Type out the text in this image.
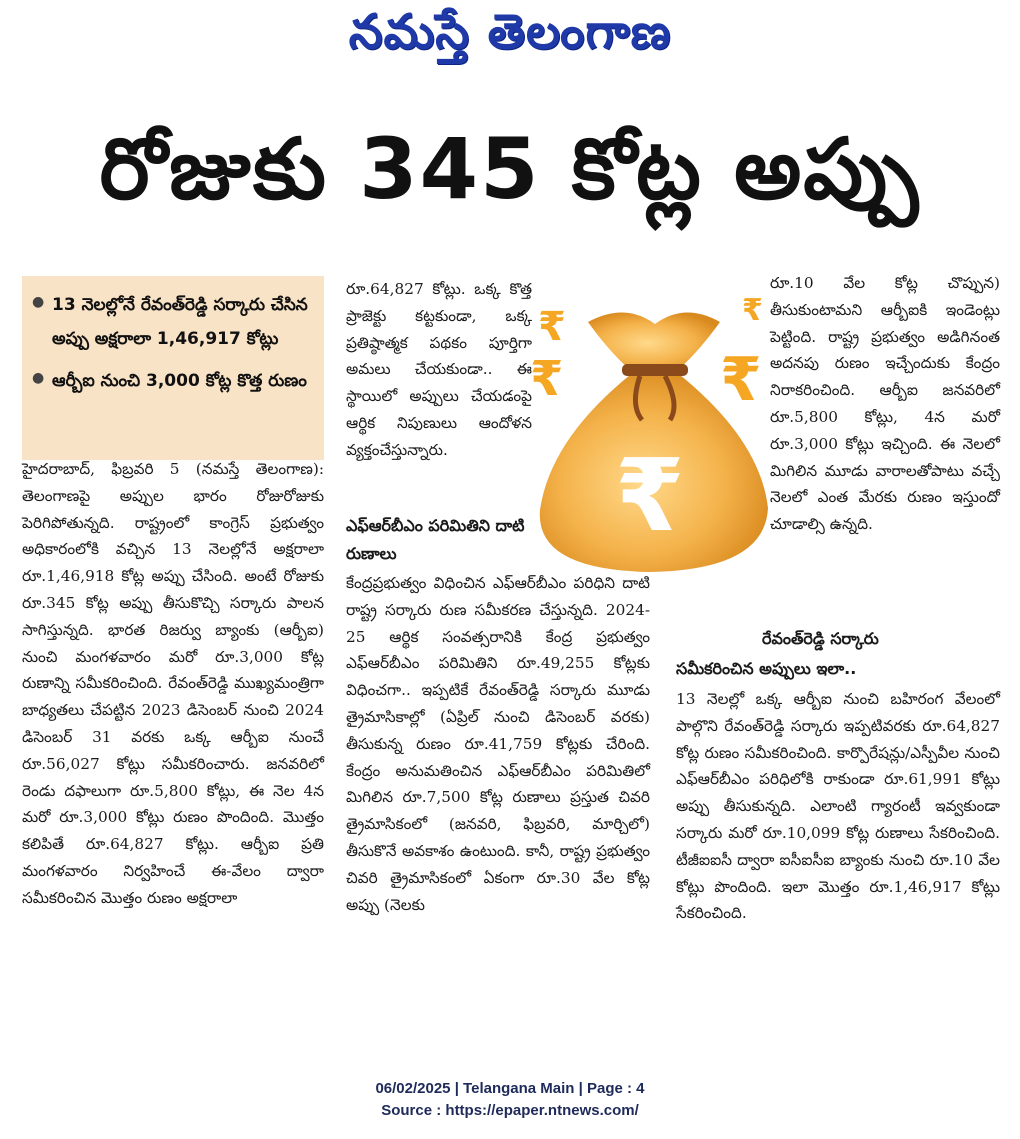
నమస్తే తెలంగాణ
రోజుకు 345 కోట్ల అప్పు
● 13 నెలల్లోనే రేవంత్‌రెడ్డి సర్కారు చేసిన అప్పు అక్షరాలా 1,46,917 కోట్లు
● ఆర్బీఐ నుంచి 3,000 కోట్ల కొత్త రుణం

హైదరాబాద్, ఫిబ్రవరి 5 (నమస్తే తెలంగాణ): తెలంగాణపై అప్పుల భారం రోజురోజుకు పెరిగిపోతున్నది. రాష్ట్రంలో కాంగ్రెస్ ప్రభుత్వం అధికారంలోకి వచ్చిన 13 నెలల్లోనే అక్షరాలా రూ.1,46,918 కోట్ల అప్పు చేసింది. అంటే రోజుకు రూ.345 కోట్ల అప్పు తీసుకొచ్చి సర్కారు పాలన సాగిస్తున్నది. భారత రిజర్వు బ్యాంకు (ఆర్బీఐ) నుంచి మంగళవారం మరో రూ.3,000 కోట్ల రుణాన్ని సమీకరించింది. రేవంత్‌రెడ్డి ముఖ్యమంత్రిగా బాధ్యతలు చేపట్టిన 2023 డిసెంబర్ నుంచి 2024 డిసెంబర్ 31 వరకు ఒక్క ఆర్బీఐ నుంచే రూ.56,027 కోట్లు సమీకరించారు. జనవరిలో రెండు దఫాలుగా రూ.5,800 కోట్లు, ఈ నెల 4న మరో రూ.3,000 కోట్లు రుణం పొందింది. మొత్తం కలిపితే రూ.64,827 కోట్లు. ఆర్బీఐ ప్రతి మంగళవారం నిర్వహించే ఈ-వేలం ద్వారా సమీకరించిన మొత్తం రుణం అక్షరాలా

రూ.64,827 కోట్లు. ఒక్క కొత్త ప్రాజెక్టు కట్టకుండా, ఒక్క ప్రతిష్ఠాత్మక పథకం పూర్తిగా అమలు చేయకుండా.. ఈ స్థాయిలో అప్పులు చేయడంపై ఆర్థిక నిపుణులు ఆందోళన వ్యక్తంచేస్తున్నారు.

ఎఫ్ఆర్‌బీఎం పరిమితిని దాటి రుణాలు

కేంద్రప్రభుత్వం విధించిన ఎఫ్ఆర్‌బీఎం పరిధిని దాటి రాష్ట్ర సర్కారు రుణ సమీకరణ చేస్తున్నది. 2024-25 ఆర్థిక సంవత్సరానికి కేంద్ర ప్రభుత్వం ఎఫ్ఆర్‌బీఎం పరిమితిని రూ.49,255 కోట్లకు విధించగా.. ఇప్పటికే రేవంత్‌రెడ్డి సర్కారు మూడు త్రైమాసికాల్లో (ఏప్రిల్ నుంచి డిసెంబర్ వరకు) తీసుకున్న రుణం రూ.41,759 కోట్లకు చేరింది. కేంద్రం అనుమతించిన ఎఫ్ఆర్‌బీఎం పరిమితిలో మిగిలిన రూ.7,500 కోట్ల రుణాలు ప్రస్తుత చివరి త్రైమాసికంలో (జనవరి, ఫిబ్రవరి, మార్చిలో) తీసుకొనే అవకాశం ఉంటుంది. కానీ, రాష్ట్ర ప్రభుత్వం చివరి త్రైమాసికంలో ఏకంగా రూ.30 వేల కోట్ల అప్పు (నెలకు

రూ.10 వేల కోట్ల చొప్పున) తీసుకుంటామని ఆర్బీఐకి ఇండెంట్లు పెట్టింది. రాష్ట్ర ప్రభుత్వం అడిగినంత అదనపు రుణం ఇచ్చేందుకు కేంద్రం నిరాకరించింది. ఆర్బీఐ జనవరిలో రూ.5,800 కోట్లు, 4న మరో రూ.3,000 కోట్లు ఇచ్చింది. ఈ నెలలో మిగిలిన మూడు వారాలతోపాటు వచ్చే నెలలో ఎంత మేరకు రుణం ఇస్తుందో చూడాల్సి ఉన్నది.

రేవంత్‌రెడ్డి సర్కారు
సమీకరించిన అప్పులు ఇలా..

13 నెలల్లో ఒక్క ఆర్బీఐ నుంచి బహిరంగ వేలంలో పాల్గొని రేవంత్‌రెడ్డి సర్కారు ఇప్పటివరకు రూ.64,827 కోట్ల రుణం సమీకరించింది. కార్పొరేషన్లు/ఎస్పీవీల నుంచి ఎఫ్ఆర్‌బీఎం పరిధిలోకి రాకుండా రూ.61,991 కోట్లు అప్పు తీసుకున్నది. ఎలాంటి గ్యారంటీ ఇవ్వకుండా సర్కారు మరో రూ.10,099 కోట్ల రుణాలు సేకరించింది. టీజీఐఐసీ ద్వారా ఐసీఐసీఐ బ్యాంకు నుంచి రూ.10 వేల కోట్లు పొందింది. ఇలా మొత్తం రూ.1,46,917 కోట్లు సేకరించింది.

₹
₹
₹
₹
₹
06/02/2025 | Telangana Main | Page : 4
Source : https://epaper.ntnews.com/
